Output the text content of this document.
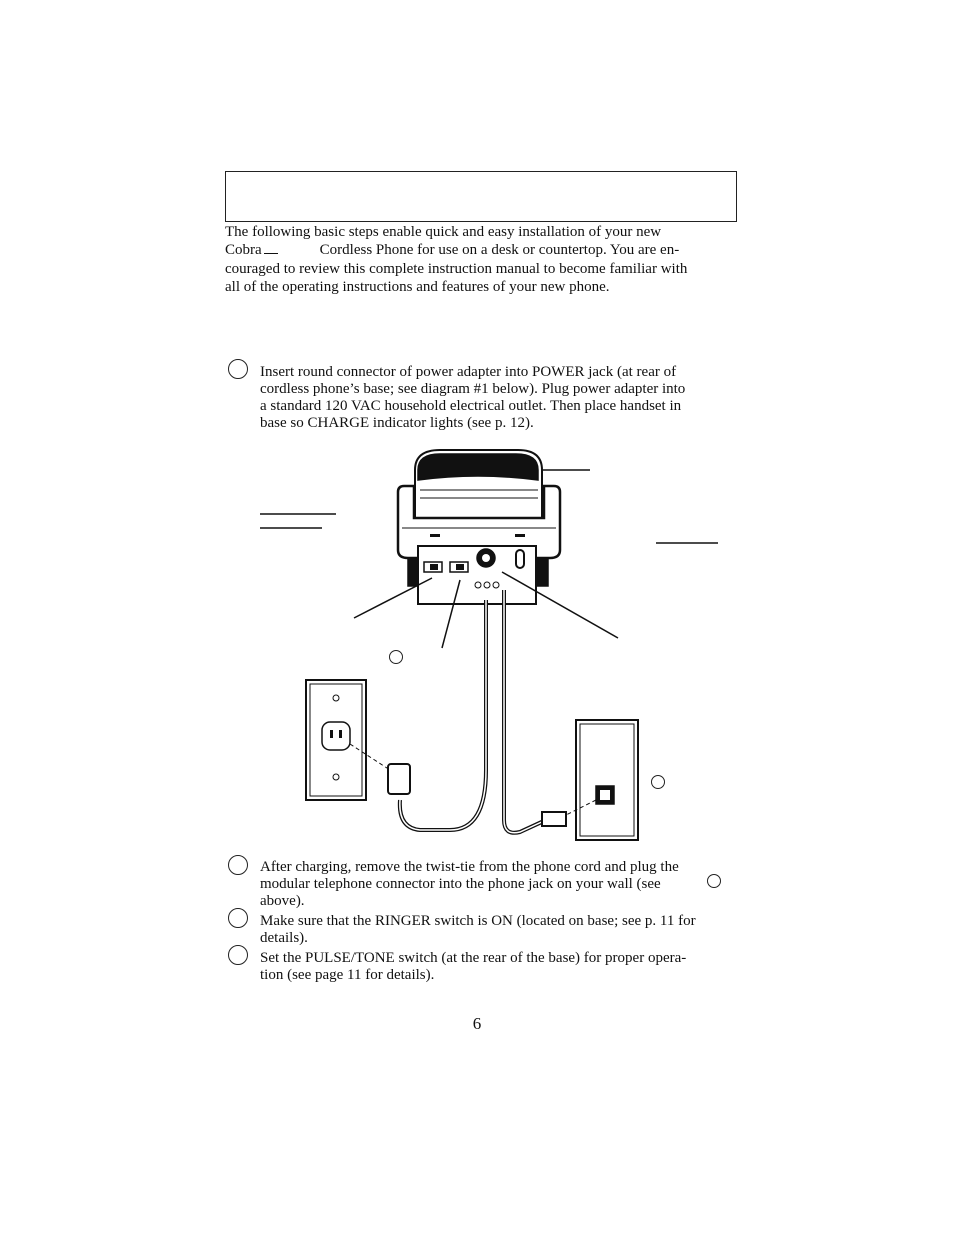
The following basic steps enable quick and easy installation of your new

Cobra	Cordless Phone for use on a desk or countertop. You are en-

couraged to review this complete instruction manual to become familiar with

all of the operating instructions and features of your new phone.

Insert round connector of power adapter into POWER jack (at rear of

cordless phone’s base; see diagram #1 below). Plug power adapter into

a standard 120 VAC household electrical outlet. Then place handset in

base so CHARGE indicator lights (see p. 12).

After charging, remove the twist-tie from the phone cord and plug the

modular telephone connector into the phone jack on your wall (see

above).

Make sure that the RINGER switch is ON (located on base; see p. 11 for

details).

Set the PULSE/TONE switch (at the rear of the base) for proper opera-

tion (see page 11 for details).

6
